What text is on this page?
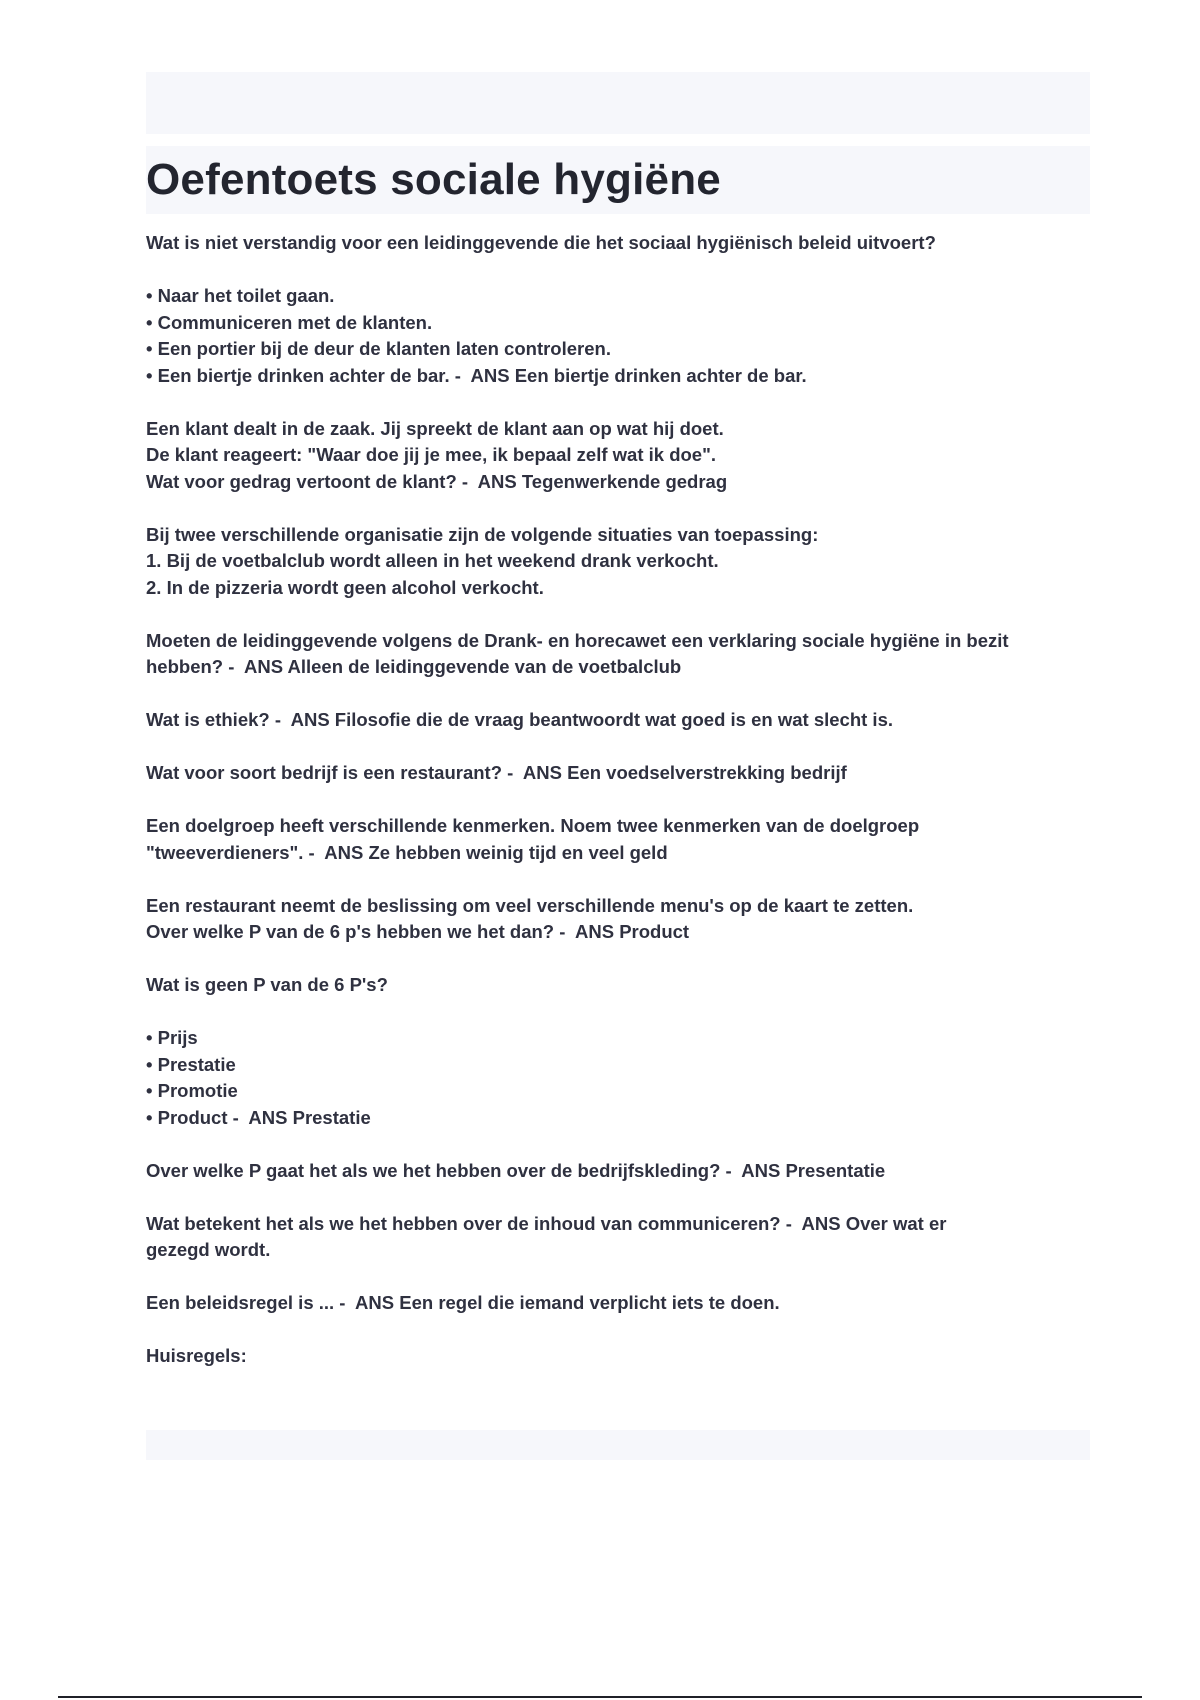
Oefentoets sociale hygiëne
Wat is niet verstandig voor een leidinggevende die het sociaal hygiënisch beleid uitvoert?
• Naar het toilet gaan.
• Communiceren met de klanten.
• Een portier bij de deur de klanten laten controleren.
• Een biertje drinken achter de bar. -  ANS Een biertje drinken achter de bar.
Een klant dealt in de zaak. Jij spreekt de klant aan op wat hij doet.
De klant reageert: "Waar doe jij je mee, ik bepaal zelf wat ik doe".
Wat voor gedrag vertoont de klant? -  ANS Tegenwerkende gedrag
Bij twee verschillende organisatie zijn de volgende situaties van toepassing:
1. Bij de voetbalclub wordt alleen in het weekend drank verkocht.
2. In de pizzeria wordt geen alcohol verkocht.
Moeten de leidinggevende volgens de Drank- en horecawet een verklaring sociale hygiëne in bezit
hebben? -  ANS Alleen de leidinggevende van de voetbalclub
Wat is ethiek? -  ANS Filosofie die de vraag beantwoordt wat goed is en wat slecht is.
Wat voor soort bedrijf is een restaurant? -  ANS Een voedselverstrekking bedrijf
Een doelgroep heeft verschillende kenmerken. Noem twee kenmerken van de doelgroep
"tweeverdieners". -  ANS Ze hebben weinig tijd en veel geld
Een restaurant neemt de beslissing om veel verschillende menu's op de kaart te zetten.
Over welke P van de 6 p's hebben we het dan? -  ANS Product
Wat is geen P van de 6 P's?
• Prijs
• Prestatie
• Promotie
• Product -  ANS Prestatie
Over welke P gaat het als we het hebben over de bedrijfskleding? -  ANS Presentatie
Wat betekent het als we het hebben over de inhoud van communiceren? -  ANS Over wat er
gezegd wordt.
Een beleidsregel is ... -  ANS Een regel die iemand verplicht iets te doen.
Huisregels:
